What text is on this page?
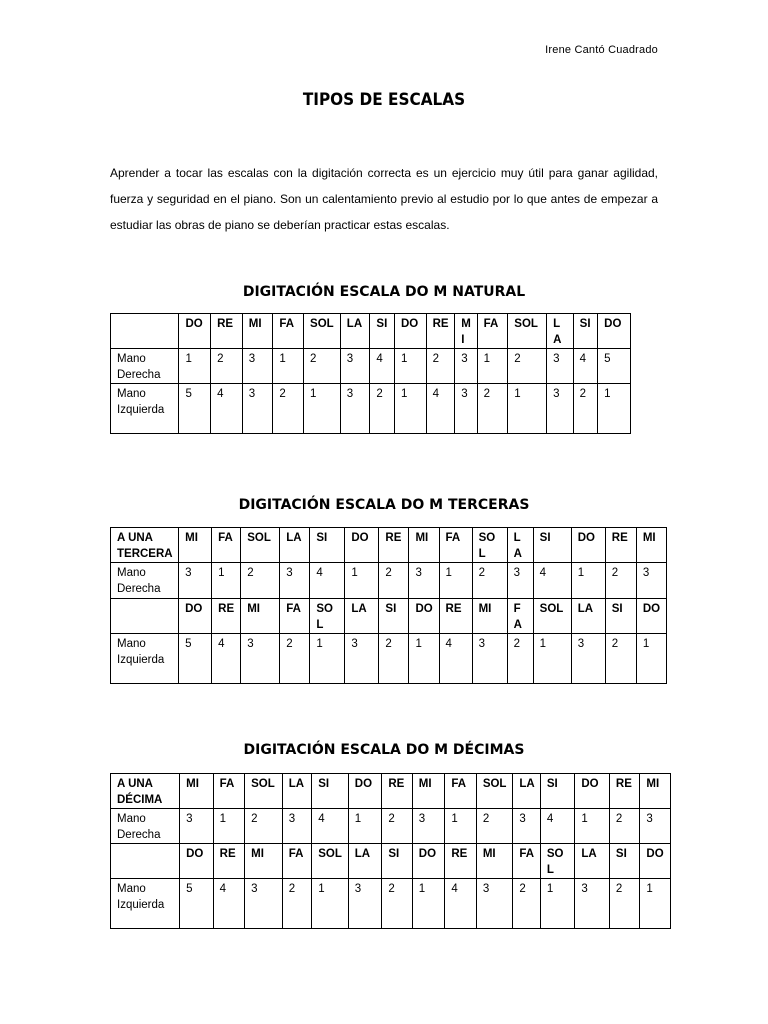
Irene Cantó Cuadrado
TIPOS DE ESCALAS
Aprender a tocar las escalas con la digitación correcta es un ejercicio muy útil para ganar agilidad, fuerza y seguridad en el piano. Son un calentamiento previo al estudio por lo que antes de empezar a estudiar las obras de piano se deberían practicar estas escalas.
DIGITACIÓN ESCALA DO M NATURAL
	DO	RE	MI	FA	SOL	LA	SI	DO	RE	MI	FA	SOL	LA	SI	DO
Mano Derecha	1	2	3	1	2	3	4	1	2	3	1	2	3	4	5
Mano Izquierda	5	4	3	2	1	3	2	1	4	3	2	1	3	2	1
DIGITACIÓN ESCALA DO M TERCERAS
A UNA TERCERA	MI	FA	SOL	LA	SI	DO	RE	MI	FA	SOL	LA	SI	DO	RE	MI
Mano Derecha	3	1	2	3	4	1	2	3	1	2	3	4	1	2	3
	DO	RE	MI	FA	SOL	LA	SI	DO	RE	MI	FA	SOL	LA	SI	DO
Mano Izquierda	5	4	3	2	1	3	2	1	4	3	2	1	3	2	1
DIGITACIÓN ESCALA DO M DÉCIMAS
A UNA DÉCIMA	MI	FA	SOL	LA	SI	DO	RE	MI	FA	SOL	LA	SI	DO	RE	MI
Mano Derecha	3	1	2	3	4	1	2	3	1	2	3	4	1	2	3
	DO	RE	MI	FA	SOL	LA	SI	DO	RE	MI	FA	SOL	LA	SI	DO
Mano Izquierda	5	4	3	2	1	3	2	1	4	3	2	1	3	2	1
